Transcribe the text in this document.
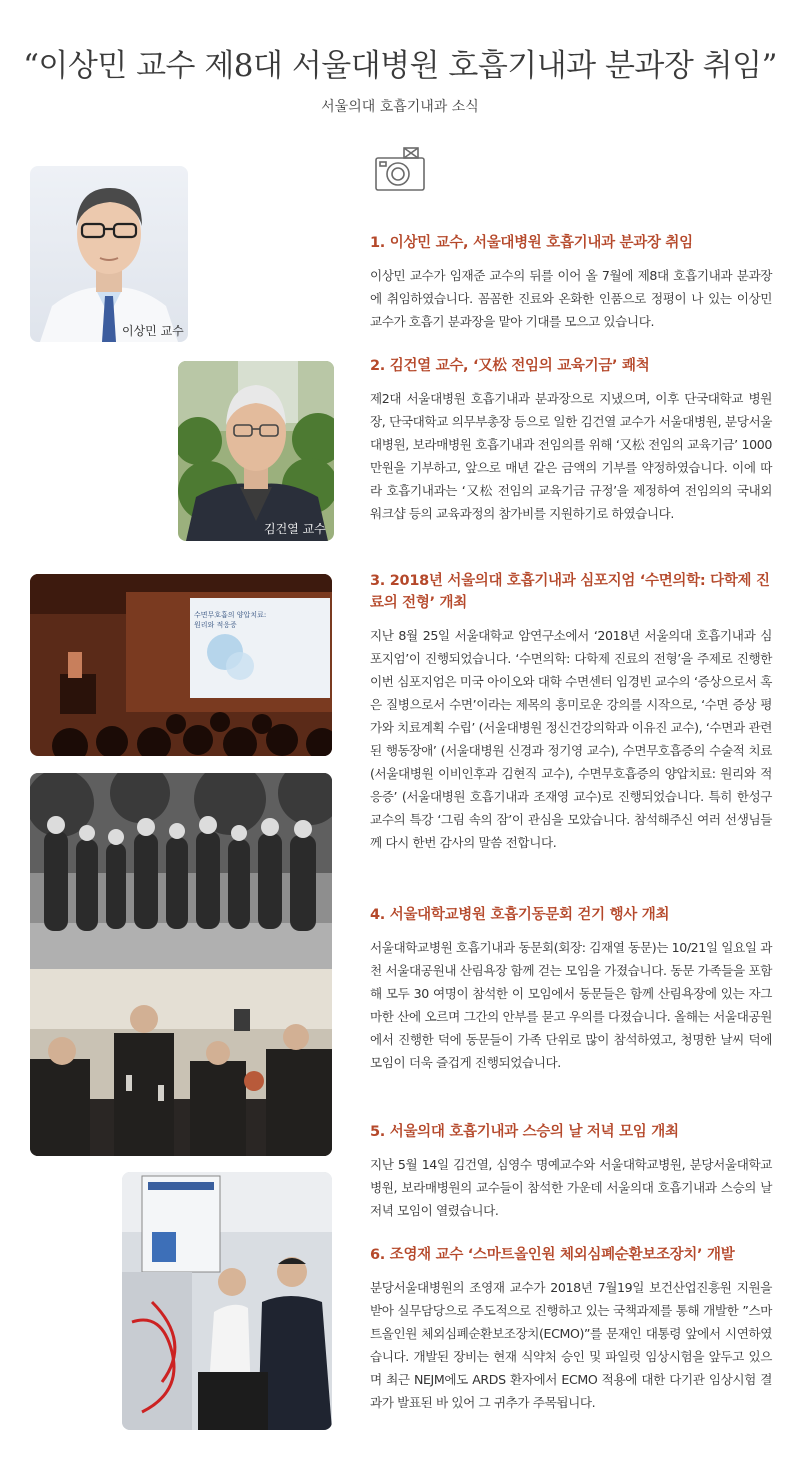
“이상민 교수 제8대 서울대병원 호흡기내과 분과장 취임”
서울의대 호흡기내과 소식
이상민 교수
김건열 교수
수면무호흡의 양압치료: 원리와 적응증
1. 이상민 교수, 서울대병원 호흡기내과 분과장 취임

이상민 교수가 임재준 교수의 뒤를 이어 올 7월에 제8대 호흡기내과 분과장에 취임하였습니다. 꼼꼼한 진료와 온화한 인품으로 정평이 나 있는 이상민 교수가 호흡기 분과장을 맡아 기대를 모으고 있습니다.

2. 김건열 교수, ‘又松 전임의 교육기금’ 쾌척

제2대 서울대병원 호흡기내과 분과장으로 지냈으며, 이후 단국대학교 병원장, 단국대학교 의무부총장 등으로 일한 김건열 교수가 서울대병원, 분당서울대병원, 보라매병원 호흡기내과 전임의를 위해 ‘又松 전임의 교육기금’ 1000만원을 기부하고, 앞으로 매년 같은 금액의 기부를 약정하였습니다. 이에 따라 호흡기내과는 ‘又松 전임의 교육기금 규정’을 제정하여 전임의의 국내외 워크샵 등의 교육과정의 참가비를 지원하기로 하였습니다.

3. 2018년 서울의대 호흡기내과 심포지엄 ‘수면의학: 다학제 진료의 전형’ 개최

지난 8월 25일 서울대학교 암연구소에서 ‘2018년 서울의대 호흡기내과 심포지엄’이 진행되었습니다. ‘수면의학: 다학제 진료의 전형’을 주제로 진행한 이번 심포지엄은 미국 아이오와 대학 수면센터 임경빈 교수의 ‘증상으로서 혹은 질병으로서 수면’이라는 제목의 흥미로운 강의를 시작으로, ‘수면 증상 평가와 치료계획 수립’ (서울대병원 정신건강의학과 이유진 교수), ‘수면과 관련된 행동장애’ (서울대병원 신경과 정기영 교수), 수면무호흡증의 수술적 치료 (서울대병원 이비인후과 김현직 교수), 수면무호흡증의 양압치료: 원리와 적응증’ (서울대병원 호흡기내과 조재영 교수)로 진행되었습니다. 특히 한성구 교수의 특강 ‘그림 속의 잠’이 관심을 모았습니다. 참석해주신 여러 선생님들께 다시 한번 감사의 말씀 전합니다.

4. 서울대학교병원 호흡기동문회 걷기 행사 개최

서울대학교병원 호흡기내과 동문회(회장: 김재열 동문)는 10/21일 일요일 과천 서울대공원내 산림욕장 함께 걷는 모임을 가졌습니다. 동문 가족들을 포함해 모두 30 여명이 참석한 이 모임에서 동문들은 함께 산림욕장에 있는 자그마한 산에 오르며 그간의 안부를 묻고 우의를 다졌습니다. 올해는 서울대공원에서 진행한 덕에 동문들이 가족 단위로 많이 참석하였고, 청명한 날씨 덕에 모임이 더욱 즐겁게 진행되었습니다.

5. 서울의대 호흡기내과 스승의 날 저녁 모임 개최

지난 5월 14일 김건열, 심영수 명예교수와 서울대학교병원, 분당서울대학교병원, 보라매병원의 교수들이 참석한 가운데 서울의대 호흡기내과 스승의 날 저녁 모임이 열렸습니다.

6. 조영재 교수 ‘스마트올인원 체외심폐순환보조장치’ 개발

분당서울대병원의 조영재 교수가 2018년 7월19일 보건산업진흥원 지원을 받아 실무담당으로 주도적으로 진행하고 있는 국책과제를 통해 개발한 ”스마트올인원 체외심폐순환보조장치(ECMO)”를 문재인 대통령 앞에서 시연하였습니다. 개발된 장비는 현재 식약처 승인 및 파일럿 임상시험을 앞두고 있으며 최근 NEJM에도 ARDS 환자에서 ECMO 적용에 대한 다기관 임상시험 결과가 발표된 바 있어 그 귀추가 주목됩니다.
